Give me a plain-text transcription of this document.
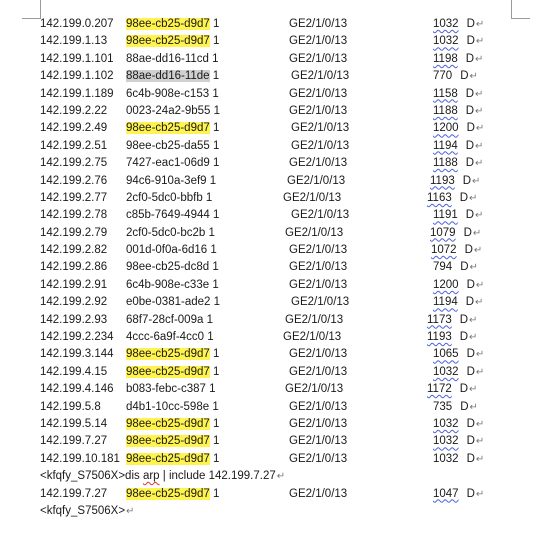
142.199.0.207 98ee-cb25-d9d7 1	GE2/1/0/13	1032 D↵
142.199.1.13 98ee-cb25-d9d7 1	GE2/1/0/13	1032 D↵
142.199.1.101 88ae-dd16-11cd 1	GE2/1/0/13	1198 D↵
142.199.1.102 88ae-dd16-11de 1	GE2/1/0/13	770 D↵
142.199.1.189 6c4b-908e-c153 1	GE2/1/0/13	1158 D↵
142.199.2.22 0023-24a2-9b55 1	GE2/1/0/13	1188 D↵
142.199.2.49 98ee-cb25-d9d7 1	GE2/1/0/13	1200 D↵
142.199.2.51 98ee-cb25-da55 1	GE2/1/0/13	1194 D↵
142.199.2.75 7427-eac1-06d9 1	GE2/1/0/13	1188 D↵
142.199.2.76 94c6-910a-3ef9 1	GE2/1/0/13	1193 D↵
142.199.2.77 2cf0-5dc0-bbfb 1	GE2/1/0/13	1163 D↵
142.199.2.78 c85b-7649-4944 1	GE2/1/0/13	1191 D↵
142.199.2.79 2cf0-5dc0-bc2b 1	GE2/1/0/13	1079 D↵
142.199.2.82 001d-0f0a-6d16 1	GE2/1/0/13	1072 D↵
142.199.2.86 98ee-cb25-dc8d 1	GE2/1/0/13	794 D↵
142.199.2.91 6c4b-908e-c33e 1	GE2/1/0/13	1200 D↵
142.199.2.92 e0be-0381-ade2 1	GE2/1/0/13	1194 D↵
142.199.2.93 68f7-28cf-009a 1	GE2/1/0/13	1173 D↵
142.199.2.234 4ccc-6a9f-4cc0 1	GE2/1/0/13	1193 D↵
142.199.3.144 98ee-cb25-d9d7 1	GE2/1/0/13	1065 D↵
142.199.4.15 98ee-cb25-d9d7 1	GE2/1/0/13	1032 D↵
142.199.4.146 b083-febc-c387 1	GE2/1/0/13	1172 D↵
142.199.5.8 d4b1-10cc-598e 1	GE2/1/0/13	735 D↵
142.199.5.14 98ee-cb25-d9d7 1	GE2/1/0/13	1032 D↵
142.199.7.27 98ee-cb25-d9d7 1	GE2/1/0/13	1032 D↵
142.199.10.181 98ee-cb25-d9d7 1	GE2/1/0/13	1032 D↵
<kfqfy_S7506X>dis arp | include 142.199.7.27↵
142.199.7.27 98ee-cb25-d9d7 1	GE2/1/0/13	1047 D↵
<kfqfy_S7506X>↵
